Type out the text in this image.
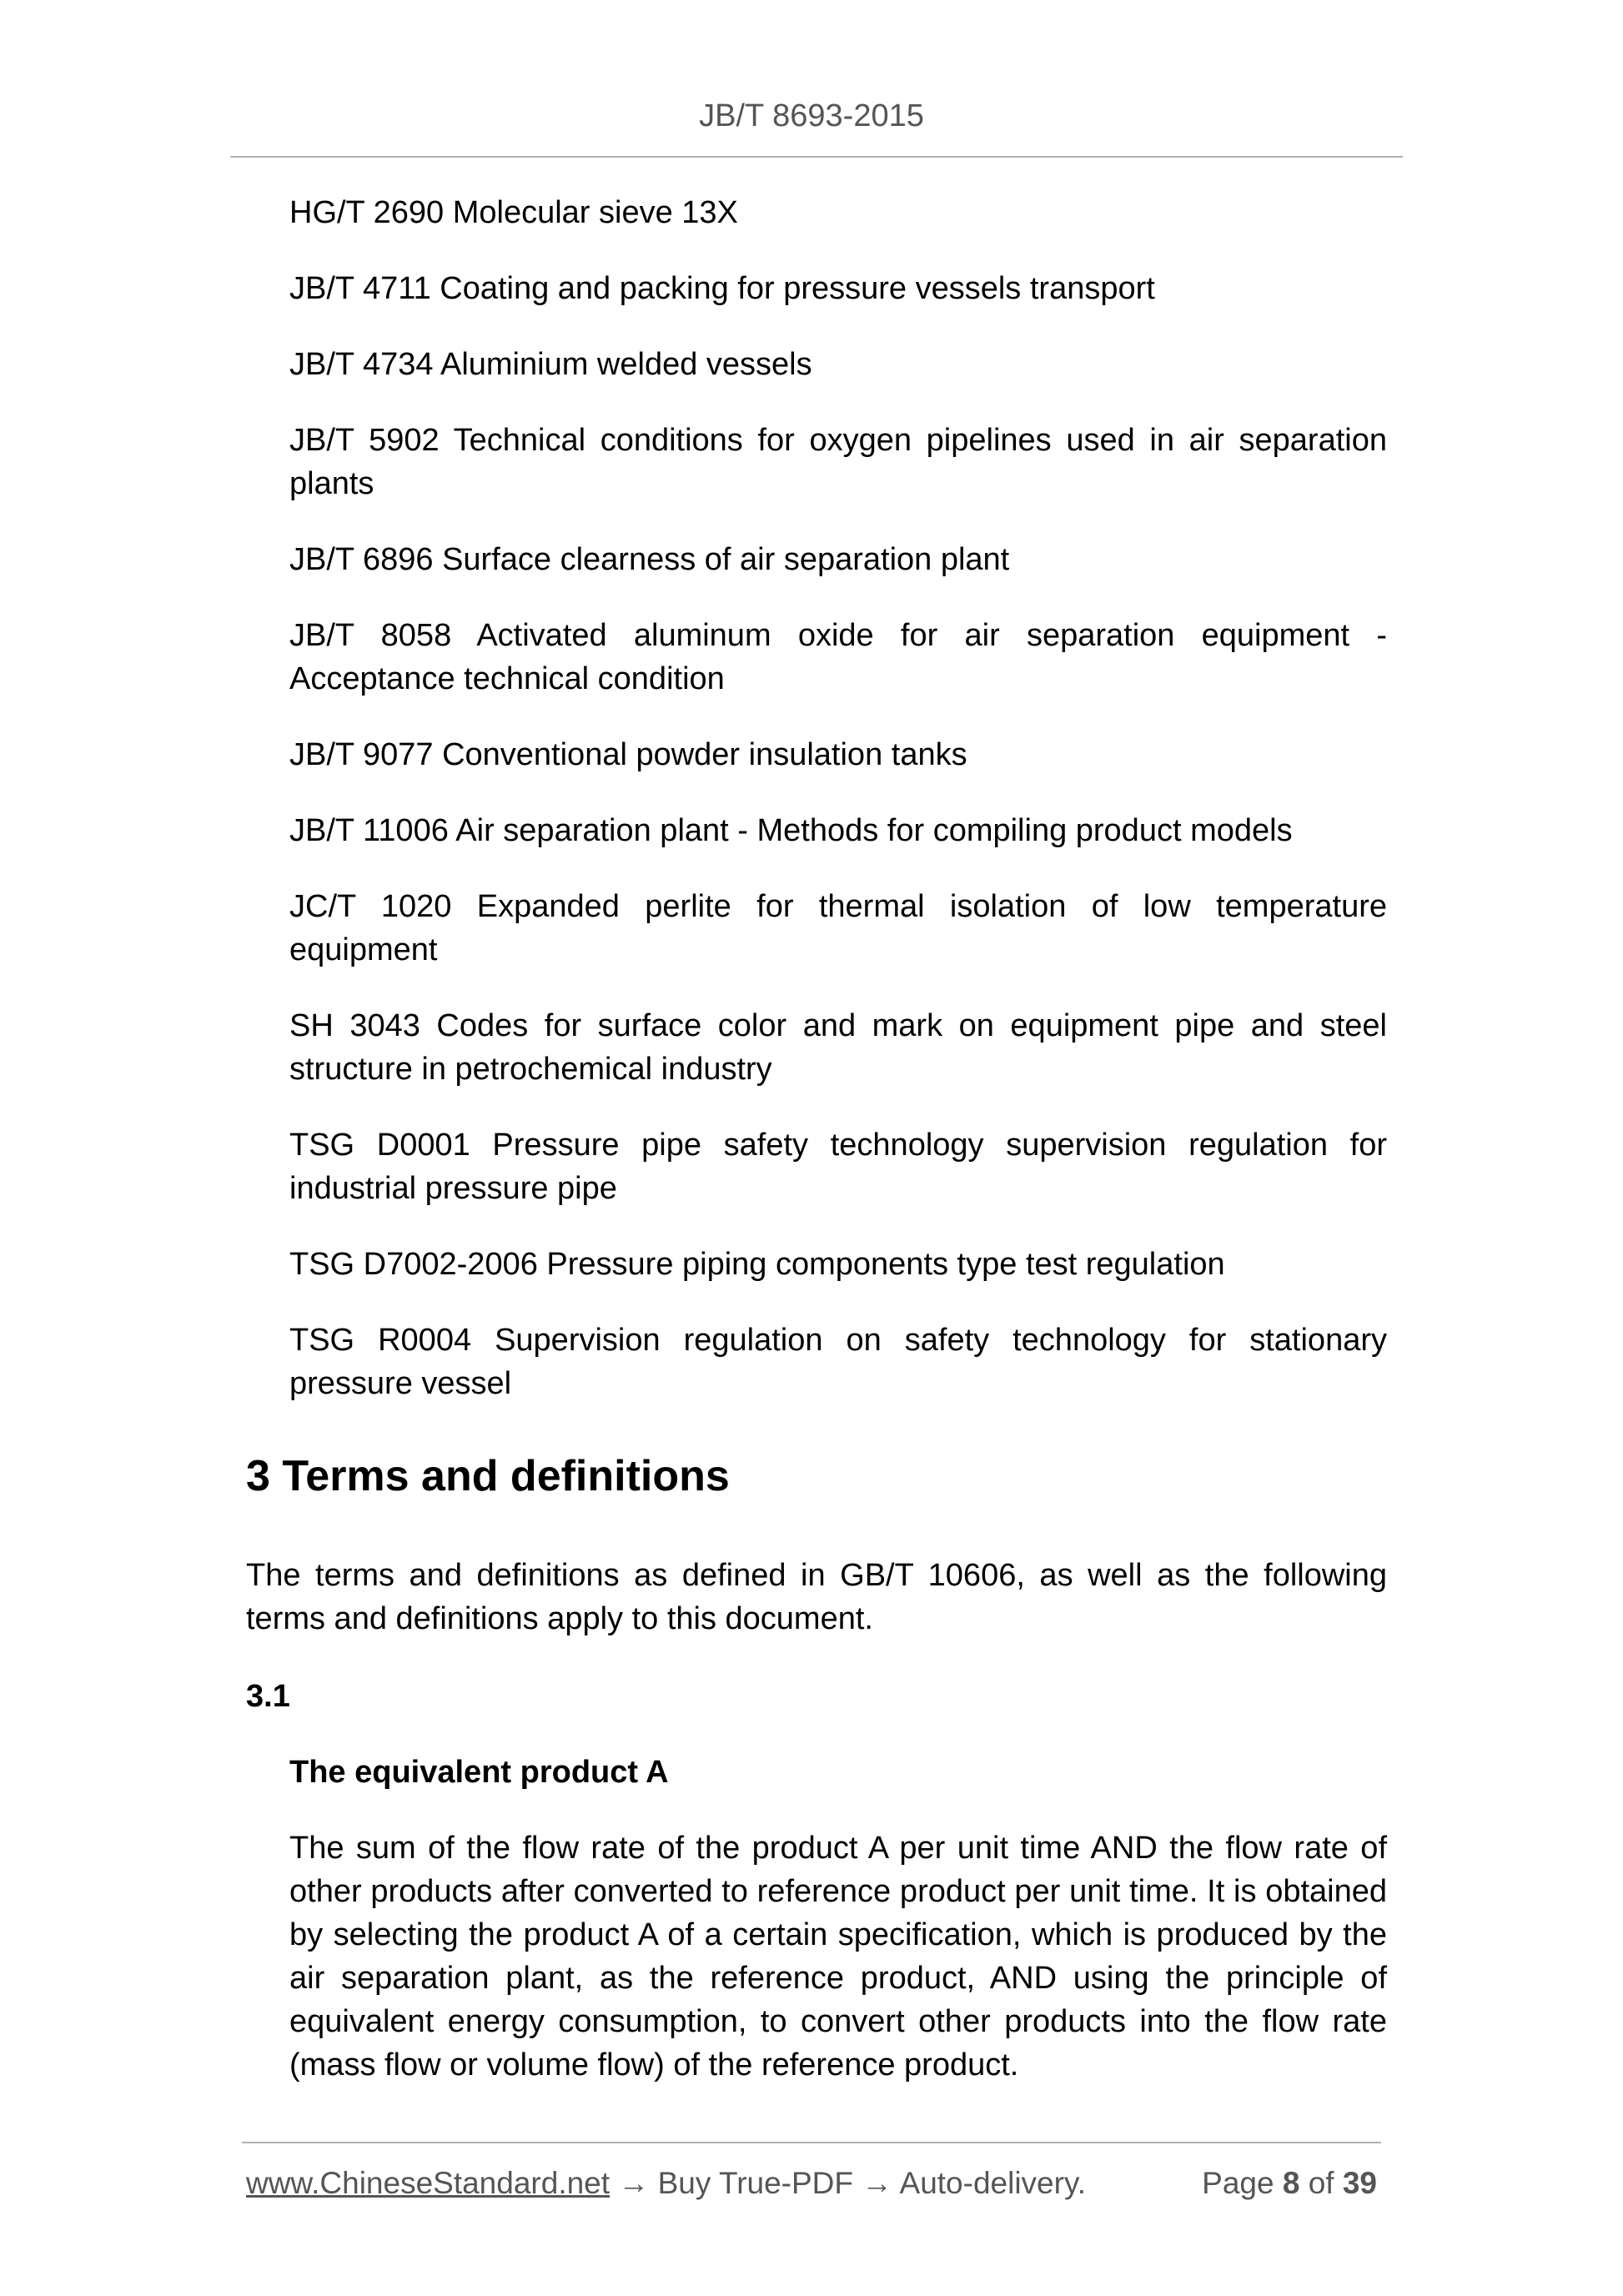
JB/T 8693-2015
HG/T 2690 Molecular sieve 13X
JB/T 4711 Coating and packing for pressure vessels transport
JB/T 4734 Aluminium welded vessels
JB/T 5902 Technical conditions for oxygen pipelines used in air separation plants
JB/T 6896 Surface clearness of air separation plant
JB/T 8058 Activated aluminum oxide for air separation equipment - Acceptance technical condition
JB/T 9077 Conventional powder insulation tanks
JB/T 11006 Air separation plant - Methods for compiling product models
JC/T 1020 Expanded perlite for thermal isolation of low temperature equipment
SH 3043 Codes for surface color and mark on equipment pipe and steel structure in petrochemical industry
TSG D0001 Pressure pipe safety technology supervision regulation for industrial pressure pipe
TSG D7002-2006 Pressure piping components type test regulation
TSG R0004 Supervision regulation on safety technology for stationary pressure vessel
3 Terms and definitions

The terms and definitions as defined in GB/T 10606, as well as the following terms and definitions apply to this document.

3.1

The equivalent product A

The sum of the flow rate of the product A per unit time AND the flow rate of other products after converted to reference product per unit time. It is obtained by selecting the product A of a certain specification, which is produced by the air separation plant, as the reference product, AND using the principle of equivalent energy consumption, to convert other products into the flow rate (mass flow or volume flow) of the reference product.

www.ChineseStandard.net → Buy True-PDF → Auto-delivery.	Page 8 of 39
